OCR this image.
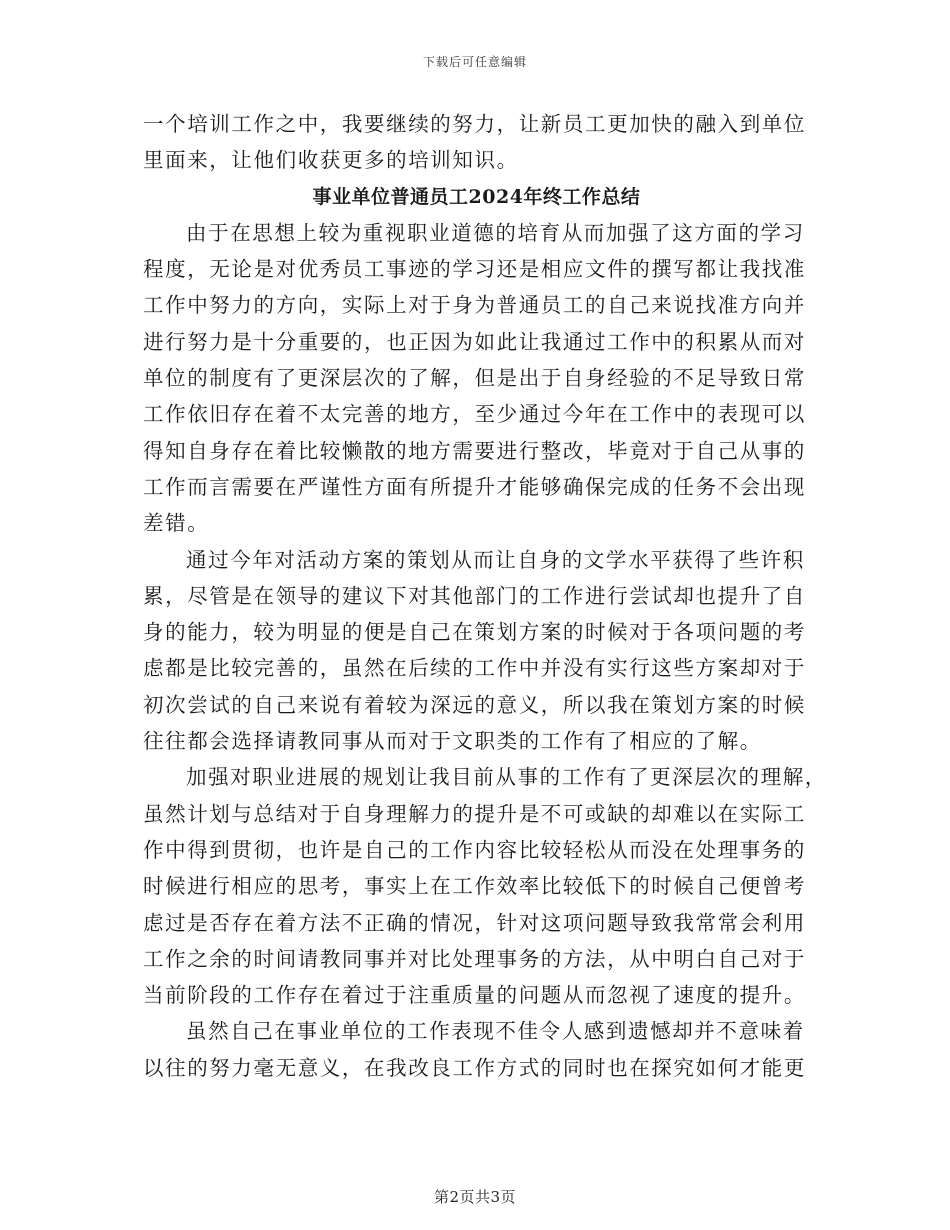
下载后可任意编辑
一个培训工作之中，我要继续的努力，让新员工更加快的融入到单位
里面来，让他们收获更多的培训知识。
事业单位普通员工2024年终工作总结
由于在思想上较为重视职业道德的培育从而加强了这方面的学习
程度，无论是对优秀员工事迹的学习还是相应文件的撰写都让我找准
工作中努力的方向，实际上对于身为普通员工的自己来说找准方向并
进行努力是十分重要的，也正因为如此让我通过工作中的积累从而对
单位的制度有了更深层次的了解，但是出于自身经验的不足导致日常
工作依旧存在着不太完善的地方，至少通过今年在工作中的表现可以
得知自身存在着比较懒散的地方需要进行整改，毕竟对于自己从事的
工作而言需要在严谨性方面有所提升才能够确保完成的任务不会出现
差错。
通过今年对活动方案的策划从而让自身的文学水平获得了些许积
累，尽管是在领导的建议下对其他部门的工作进行尝试却也提升了自
身的能力，较为明显的便是自己在策划方案的时候对于各项问题的考
虑都是比较完善的，虽然在后续的工作中并没有实行这些方案却对于
初次尝试的自己来说有着较为深远的意义，所以我在策划方案的时候
往往都会选择请教同事从而对于文职类的工作有了相应的了解。
加强对职业进展的规划让我目前从事的工作有了更深层次的理解，
虽然计划与总结对于自身理解力的提升是不可或缺的却难以在实际工
作中得到贯彻，也许是自己的工作内容比较轻松从而没在处理事务的
时候进行相应的思考，事实上在工作效率比较低下的时候自己便曾考
虑过是否存在着方法不正确的情况，针对这项问题导致我常常会利用
工作之余的时间请教同事并对比处理事务的方法，从中明白自己对于
当前阶段的工作存在着过于注重质量的问题从而忽视了速度的提升。
虽然自己在事业单位的工作表现不佳令人感到遗憾却并不意味着
以往的努力毫无意义，在我改良工作方式的同时也在探究如何才能更
第2页共3页
